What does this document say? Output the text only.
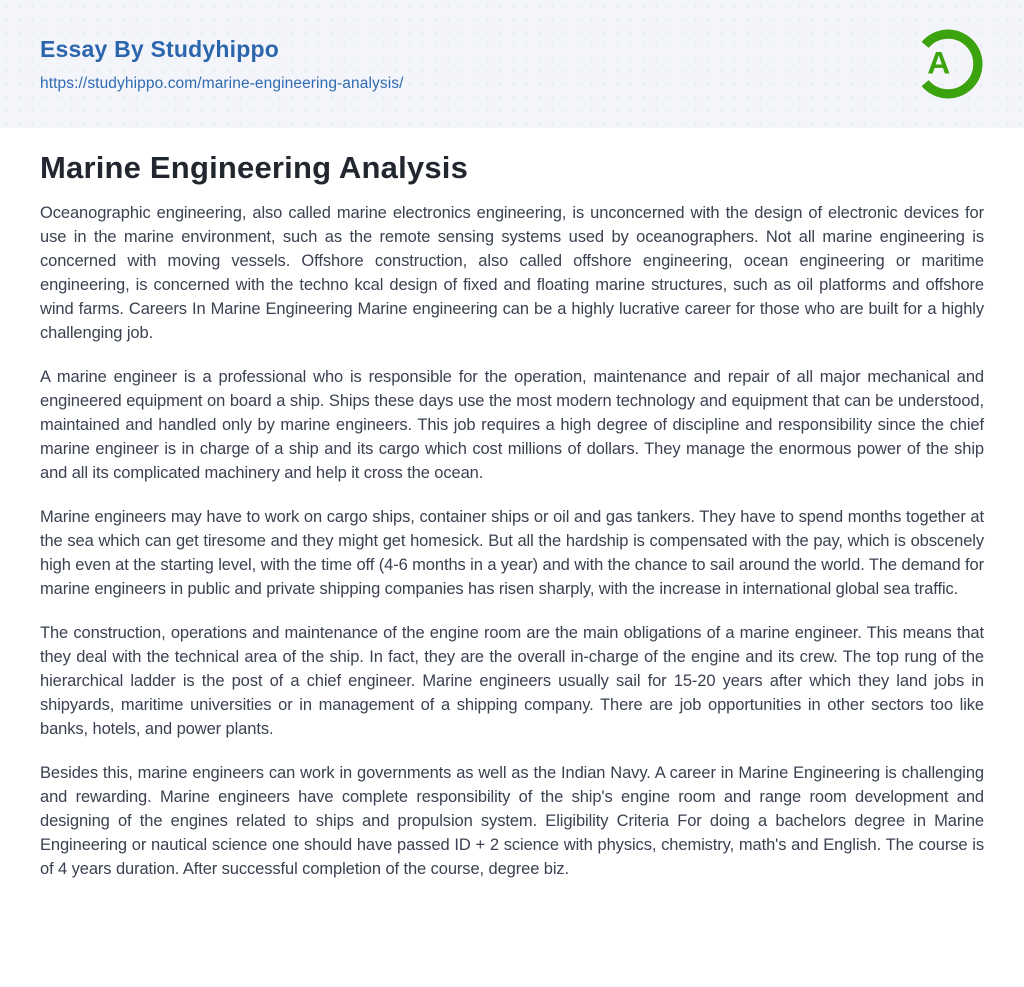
Essay By Studyhippo
https://studyhippo.com/marine-engineering-analysis/
A
Marine Engineering Analysis

Oceanographic engineering, also called marine electronics engineering, is unconcerned with the design of electronic devices for use in the marine environment, such as the remote sensing systems used by oceanographers. Not all marine engineering is concerned with moving vessels. Offshore construction, also called offshore engineering, ocean engineering or maritime engineering, is concerned with the techno kcal design of fixed and floating marine structures, such as oil platforms and offshore wind farms. Careers In Marine Engineering Marine engineering can be a highly lucrative career for those who are built for a highly challenging job.

A marine engineer is a professional who is responsible for the operation, maintenance and repair of all major mechanical and engineered equipment on board a ship. Ships these days use the most modern technology and equipment that can be understood, maintained and handled only by marine engineers. This job requires a high degree of discipline and responsibility since the chief marine engineer is in charge of a ship and its cargo which cost millions of dollars. They manage the enormous power of the ship and all its complicated machinery and help it cross the ocean.

Marine engineers may have to work on cargo ships, container ships or oil and gas tankers. They have to spend months together at the sea which can get tiresome and they might get homesick. But all the hardship is compensated with the pay, which is obscenely high even at the starting level, with the time off (4-6 months in a year) and with the chance to sail around the world. The demand for marine engineers in public and private shipping companies has risen sharply, with the increase in international global sea traffic.

The construction, operations and maintenance of the engine room are the main obligations of a marine engineer. This means that they deal with the technical area of the ship. In fact, they are the overall in-charge of the engine and its crew. The top rung of the hierarchical ladder is the post of a chief engineer. Marine engineers usually sail for 15-20 years after which they land jobs in shipyards, maritime universities or in management of a shipping company. There are job opportunities in other sectors too like banks, hotels, and power plants.

Besides this, marine engineers can work in governments as well as the Indian Navy. A career in Marine Engineering is challenging and rewarding. Marine engineers have complete responsibility of the ship's engine room and range room development and designing of the engines related to ships and propulsion system. Eligibility Criteria For doing a bachelors degree in Marine Engineering or nautical science one should have passed ID + 2 science with physics, chemistry, math's and English. The course is of 4 years duration. After successful completion of the course, degree biz.
